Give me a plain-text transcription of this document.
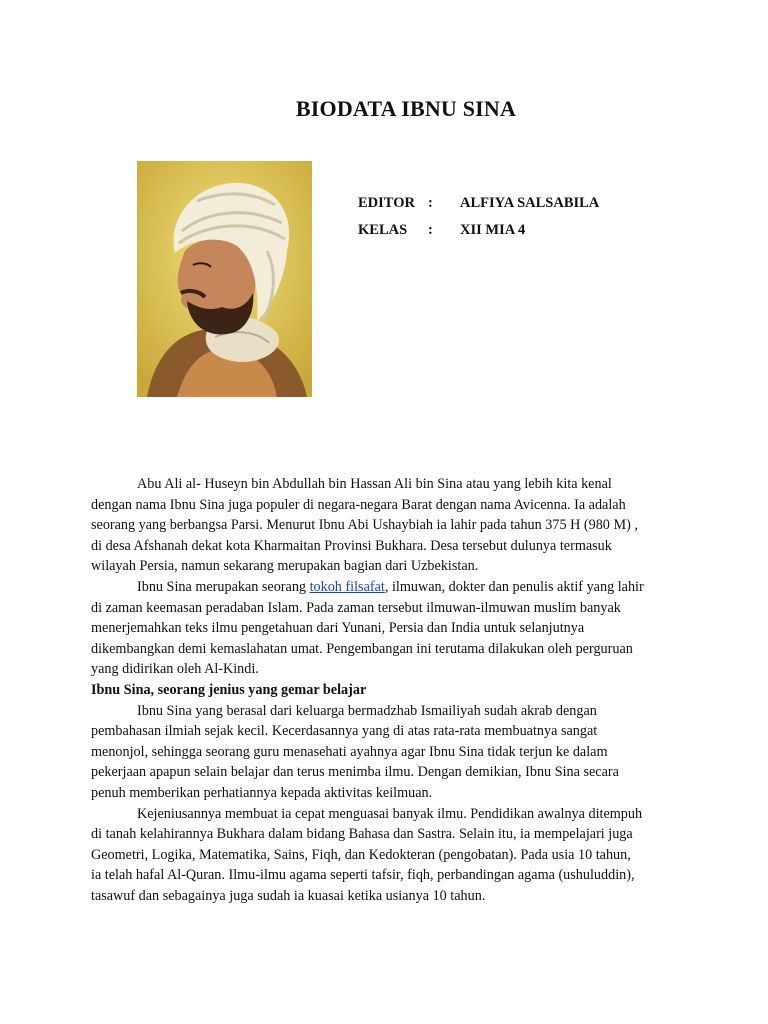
BIODATA IBNU SINA
EDITOR :	ALFIYA SALSABILA
KELAS	:	XII MIA 4

Abu Ali al- Huseyn bin Abdullah bin Hassan Ali bin Sina atau yang lebih kita kenal
dengan nama Ibnu Sina juga populer di negara-negara Barat dengan nama Avicenna. Ia adalah
seorang yang berbangsa Parsi. Menurut Ibnu Abi Ushaybiah ia lahir pada tahun 375 H (980 M) ,
di desa Afshanah dekat kota Kharmaitan Provinsi Bukhara. Desa tersebut dulunya termasuk
wilayah Persia, namun sekarang merupakan bagian dari Uzbekistan.

Ibnu Sina merupakan seorang tokoh filsafat, ilmuwan, dokter dan penulis aktif yang lahir
di zaman keemasan peradaban Islam. Pada zaman tersebut ilmuwan-ilmuwan muslim banyak
menerjemahkan teks ilmu pengetahuan dari Yunani, Persia dan India untuk selanjutnya
dikembangkan demi kemaslahatan umat. Pengembangan ini terutama dilakukan oleh perguruan
yang didirikan oleh Al-Kindi.

Ibnu Sina, seorang jenius yang gemar belajar

Ibnu Sina yang berasal dari keluarga bermadzhab Ismailiyah sudah akrab dengan
pembahasan ilmiah sejak kecil. Kecerdasannya yang di atas rata-rata membuatnya sangat
menonjol, sehingga seorang guru menasehati ayahnya agar Ibnu Sina tidak terjun ke dalam
pekerjaan apapun selain belajar dan terus menimba ilmu. Dengan demikian, Ibnu Sina secara
penuh memberikan perhatiannya kepada aktivitas keilmuan.

Kejeniusannya membuat ia cepat menguasai banyak ilmu. Pendidikan awalnya ditempuh
di tanah kelahirannya Bukhara dalam bidang Bahasa dan Sastra. Selain itu, ia mempelajari juga
Geometri, Logika, Matematika, Sains, Fiqh, dan Kedokteran (pengobatan). Pada usia 10 tahun,
ia telah hafal Al-Quran. Ilmu-ilmu agama seperti tafsir, fiqh, perbandingan agama (ushuluddin),
tasawuf dan sebagainya juga sudah ia kuasai ketika usianya 10 tahun.
